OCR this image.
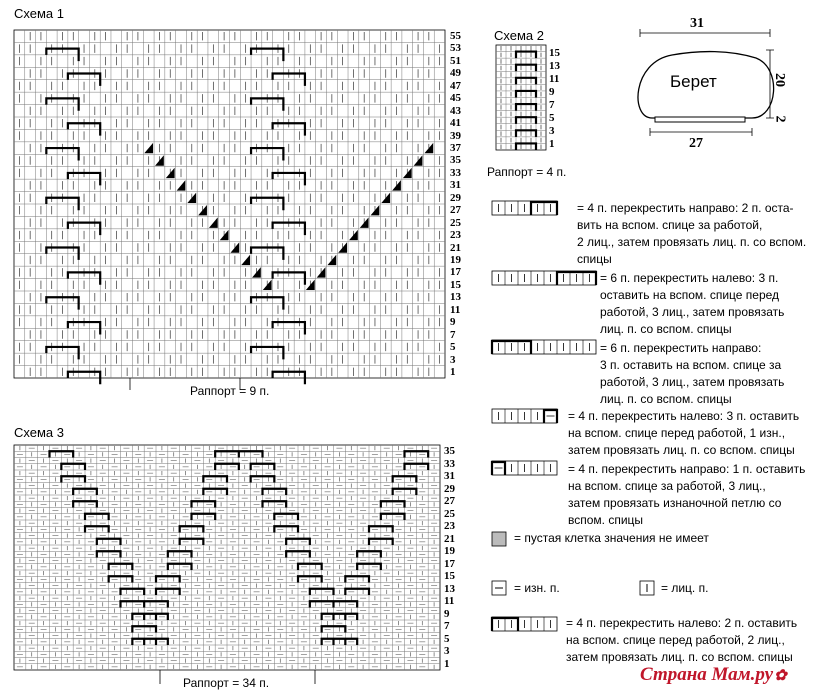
Схема 1
Схема 2
Схема 3
55
53
51
49
47
45
43
41
39
37
35
33
31
29
27
25
23
21
19
17
15
13
11
9
7
5
3
1
15
13
11
9
7
5
3
1
35
33
31
29
27
25
23
21
19
17
15
13
11
9
7
5
3
1
Раппорт = 9 п.
Раппорт = 4 п.
Раппорт = 34 п.
31
Берет
27
20
2
= 4 п. перекрестить направо: 2 п. оста-
вить на вспом. спице за работой,
2 лиц., затем провязать лиц. п. со вспом.
спицы
= 6 п. перекрестить налево: 3 п.
оставить на вспом. спице перед
работой, 3 лиц., затем провязать
лиц. п. со вспом. спицы
= 6 п. перекрестить направо:
3 п. оставить на вспом. спице за
работой, 3 лиц., затем провязать
лиц. п. со вспом. спицы
= 4 п. перекрестить налево: 3 п. оставить
на вспом. спице перед работой, 1 изн.,
затем провязать лиц. п. со вспом. спицы
= 4 п. перекрестить направо: 1 п. оставить
на вспом. спице за работой, 3 лиц.,
затем провязать изнаночной петлю со
вспом. спицы
= пустая клетка значения не имеет
= изн. п.	= лиц. п.
= 4 п. перекрестить налево: 2 п. оставить
на вспом. спице перед работой, 2 лиц.,
затем провязать лиц. п. со вспом. спицы
Страна Мам.ру✿
